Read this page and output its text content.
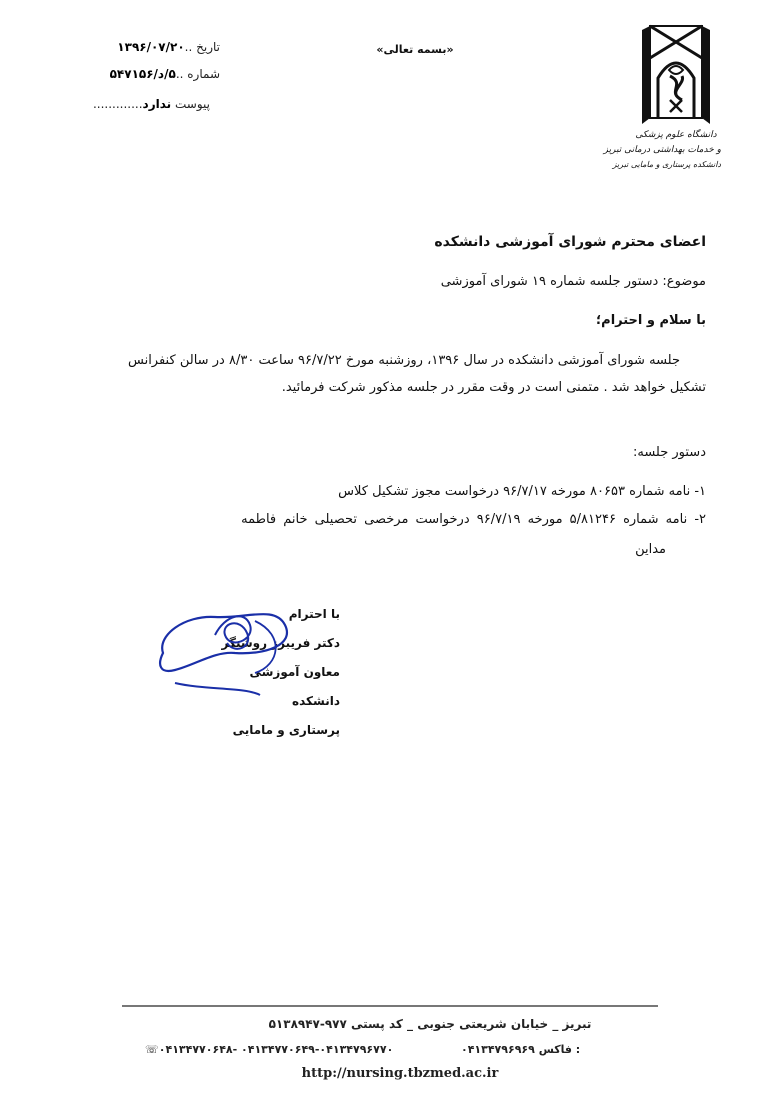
تاریخ ..۱۳۹۶/۰۷/۲۰
شماره ..۵/د/۵۴۷۱۵۶
پیوست ندارد.............
«بسمه تعالی»
دانشگاه علوم پزشکی
و خدمات بهداشتی درمانی تبریز
دانشکده پرستاری و مامایی تبریز
اعضای محترم شورای آموزشی دانشکده
موضوع: دستور جلسه شماره ۱۹ شورای آموزشی
با سلام و احترام؛
جلسه شورای آموزشی دانشکده در سال ۱۳۹۶، روزشنبه مورخ ۹۶/۷/۲۲ ساعت ۸/۳۰ در سالن کنفرانس تشکیل خواهد شد . متمنی است در وقت مقرر در جلسه مذکور شرکت فرمائید.
دستور جلسه:
۱- نامه شماره ۸۰۶۵۳ مورخه ۹۶/۷/۱۷ درخواست مجوز تشکیل کلاس
۲- نامه شماره ۵/۸۱۲۴۶ مورخه ۹۶/۷/۱۹ درخواست مرخصی تحصیلی خانم فاطمه
مداین
با احترام
دکتر فریبرز روشنگر
معاون آموزشی دانشکده
پرستاری و مامایی
تبریز _ خیابان شریعتی جنوبی _ کد پستی ۹۷۷-۵۱۳۸۹۴۷
☏۰۴۱۳۴۷۷۰۶۴۸- ۰۴۱۳۴۷۷۰۶۴۹-۰۴۱۳۴۷۹۶۷۷۰	: فاکس ۰۴۱۳۴۷۹۶۹۶۹
http://nursing.tbzmed.ac.ir
